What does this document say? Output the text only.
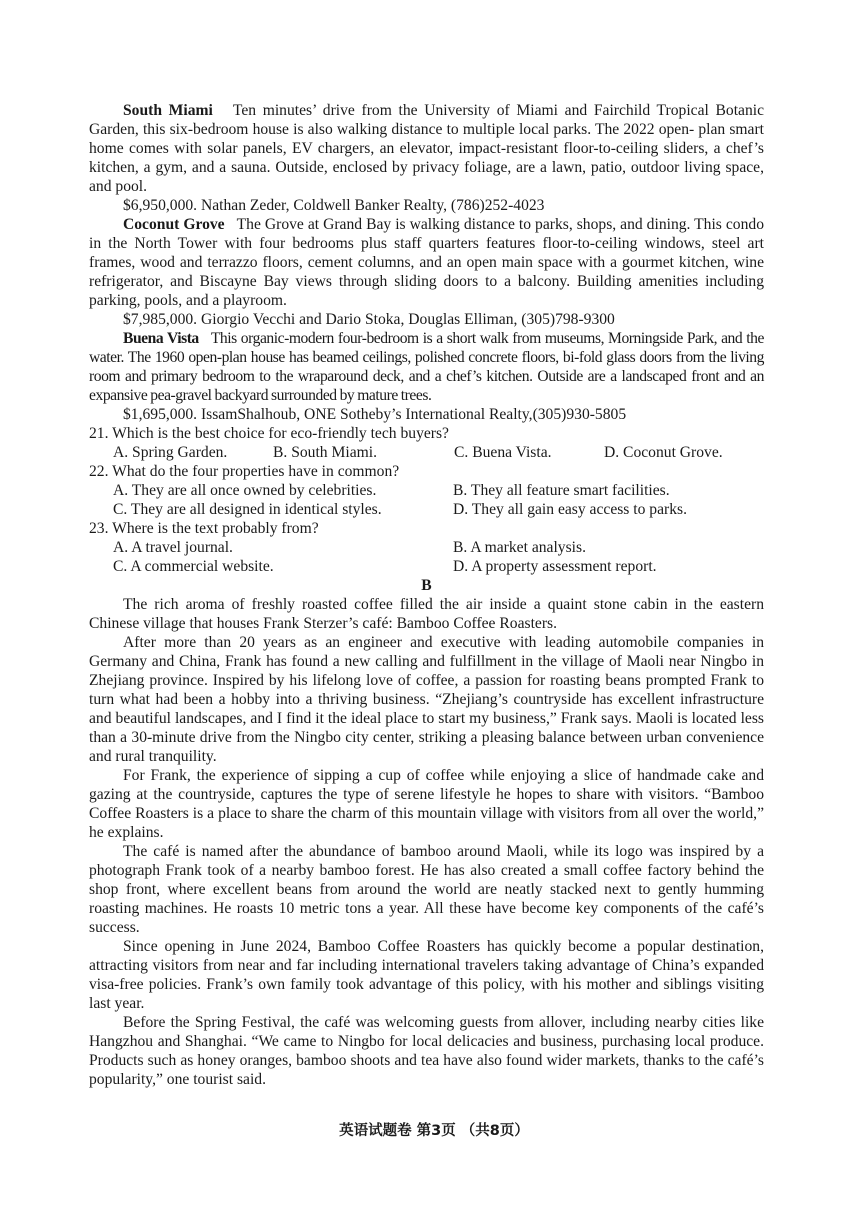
South Miami Ten minutes’ drive from the University of Miami and Fairchild Tropical Botanic Garden, this six-bedroom house is also walking distance to multiple local parks. The 2022 open- plan smart home comes with solar panels, EV chargers, an elevator, impact-resistant floor-to-ceiling sliders, a chef’s kitchen, a gym, and a sauna. Outside, enclosed by privacy foliage, are a lawn, patio, outdoor living space, and pool.

$6,950,000. Nathan Zeder, Coldwell Banker Realty, (786)252-4023

Coconut Grove The Grove at Grand Bay is walking distance to parks, shops, and dining. This condo in the North Tower with four bedrooms plus staff quarters features floor-to-ceiling windows, steel art frames, wood and terrazzo floors, cement columns, and an open main space with a gourmet kitchen, wine refrigerator, and Biscayne Bay views through sliding doors to a balcony. Building amenities including parking, pools, and a playroom.

$7,985,000. Giorgio Vecchi and Dario Stoka, Douglas Elliman, (305)798-9300

Buena Vista This organic-modern four-bedroom is a short walk from museums, Morningside Park, and the water. The 1960 open-plan house has beamed ceilings, polished concrete floors, bi-fold glass doors from the living room and primary bedroom to the wraparound deck, and a chef’s kitchen. Outside are a landscaped front and an expansive pea-gravel backyard surrounded by mature trees.

$1,695,000. IssamShalhoub, ONE Sotheby’s International Realty,(305)930-5805

21. Which is the best choice for eco-friendly tech buyers?

A. Spring Garden.	B. South Miami.	C. Buena Vista.	D. Coconut Grove.

22. What do the four properties have in common?

A. They are all once owned by celebrities.	B. They all feature smart facilities.
C. They are all designed in identical styles.	D. They all gain easy access to parks.

23. Where is the text probably from?

A. A travel journal.	B. A market analysis.
C. A commercial website.	D. A property assessment report.

B

The rich aroma of freshly roasted coffee filled the air inside a quaint stone cabin in the eastern Chinese village that houses Frank Sterzer’s café: Bamboo Coffee Roasters.

After more than 20 years as an engineer and executive with leading automobile companies in Germany and China, Frank has found a new calling and fulfillment in the village of Maoli near Ningbo in Zhejiang province. Inspired by his lifelong love of coffee, a passion for roasting beans prompted Frank to turn what had been a hobby into a thriving business. “Zhejiang’s countryside has excellent infrastructure and beautiful landscapes, and I find it the ideal place to start my business,” Frank says. Maoli is located less than a 30-minute drive from the Ningbo city center, striking a pleasing balance between urban convenience and rural tranquility.

For Frank, the experience of sipping a cup of coffee while enjoying a slice of handmade cake and gazing at the countryside, captures the type of serene lifestyle he hopes to share with visitors. “Bamboo Coffee Roasters is a place to share the charm of this mountain village with visitors from all over the world,” he explains.

The café is named after the abundance of bamboo around Maoli, while its logo was inspired by a photograph Frank took of a nearby bamboo forest. He has also created a small coffee factory behind the shop front, where excellent beans from around the world are neatly stacked next to gently humming roasting machines. He roasts 10 metric tons a year. All these have become key components of the café’s success.

Since opening in June 2024, Bamboo Coffee Roasters has quickly become a popular destination, attracting visitors from near and far including international travelers taking advantage of China’s expanded visa-free policies. Frank’s own family took advantage of this policy, with his mother and siblings visiting last year.

Before the Spring Festival, the café was welcoming guests from allover, including nearby cities like Hangzhou and Shanghai. “We came to Ningbo for local delicacies and business, purchasing local produce. Products such as honey oranges, bamboo shoots and tea have also found wider markets, thanks to the café’s popularity,” one tourist said.

英语试题卷 第3页 （共8页）
